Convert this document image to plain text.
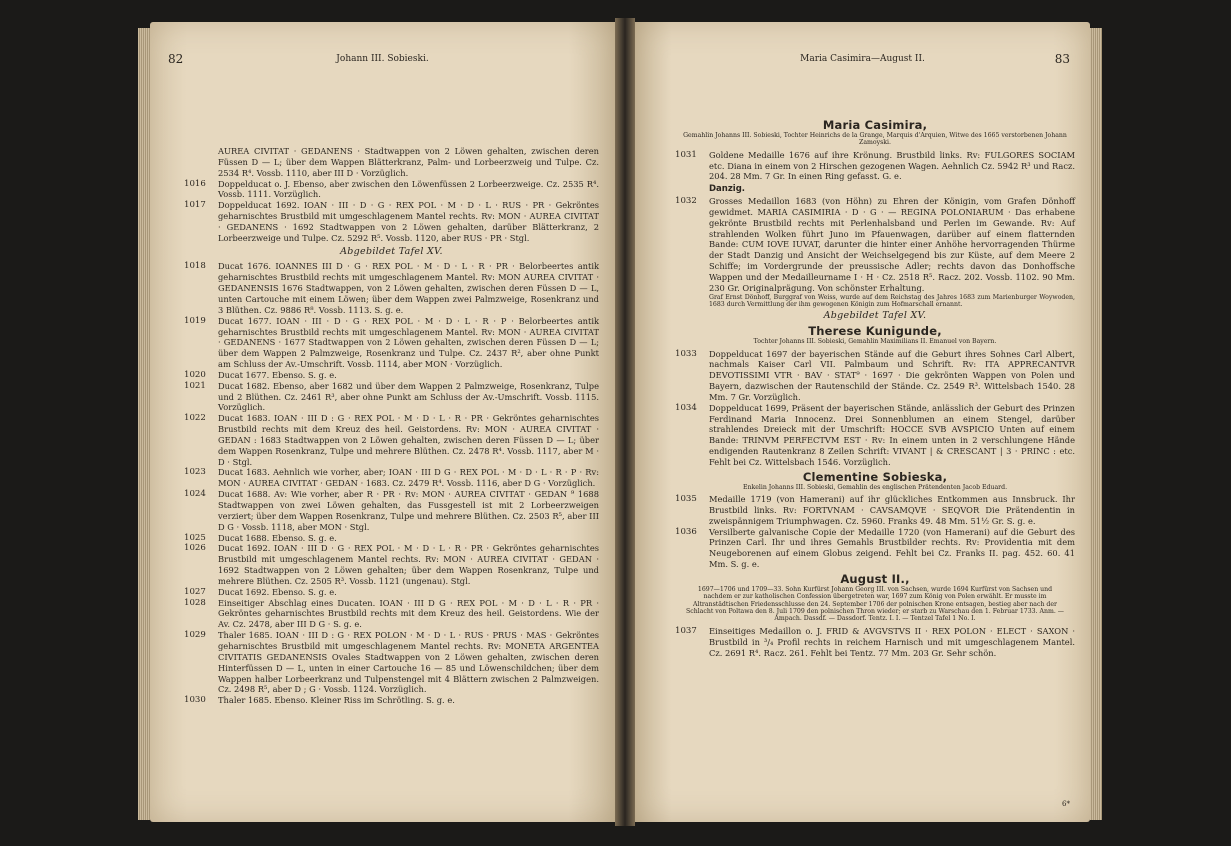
82	Johann III. Sobieski.

AUREA CIVITAT · GEDANENS · Stadtwappen von 2 Löwen gehalten, zwischen deren Füssen D — L; über dem Wappen Blätterkranz, Palm- und Lorbeerzweig und Tulpe. Cz. 2534 R⁴. Vossb. 1110, aber III D · Vorzüglich.

1016 Doppelducat o. J. Ebenso, aber zwischen den Löwenfüssen 2 Lorbeerzweige. Cz. 2535 R⁴. Vossb. 1111. Vorzüglich.

1017 Doppelducat 1692. IOAN · III · D · G · REX POL · M · D · L · RUS · PR · Gekröntes geharnischtes Brustbild mit umgeschlagenem Mantel rechts. Rv: MON · AUREA CIVITAT · GEDANENS · 1692 Stadtwappen von 2 Löwen gehalten, darüber Blätterkranz, 2 Lorbeerzweige und Tulpe. Cz. 5292 R⁵. Vossb. 1120, aber RUS · PR · Stgl.

Abgebildet Tafel XV.

1018 Ducat 1676. IOANNES III D · G · REX POL · M · D · L · R · PR · Belorbeertes antik geharnischtes Brustbild rechts mit umgeschlagenem Mantel. Rv: MON AUREA CIVITAT · GEDANENSIS 1676 Stadtwappen, von 2 Löwen gehalten, zwischen deren Füssen D — L, unten Cartouche mit einem Löwen; über dem Wappen zwei Palmzweige, Rosenkranz und 3 Blüthen. Cz. 9886 R⁸. Vossb. 1113. S. g. e.

1019 Ducat 1677. IOAN · III · D · G · REX POL · M · D · L · R · P · Belorbeertes antik geharnischtes Brustbild rechts mit umgeschlagenem Mantel. Rv: MON · AUREA CIVITAT · GEDANENS · 1677 Stadtwappen von 2 Löwen gehalten, zwischen deren Füssen D — L; über dem Wappen 2 Palmzweige, Rosenkranz und Tulpe. Cz. 2437 R², aber ohne Punkt am Schluss der Av.-Umschrift. Vossb. 1114, aber MON · Vorzüglich.

1020 Ducat 1677. Ebenso. S. g. e.

1021 Ducat 1682. Ebenso, aber 1682 und über dem Wappen 2 Palmzweige, Rosenkranz, Tulpe und 2 Blüthen. Cz. 2461 R³, aber ohne Punkt am Schluss der Av.-Umschrift. Vossb. 1115. Vorzüglich.

1022 Ducat 1683. IOAN · III D : G · REX POL · M · D · L · R · PR · Gekröntes geharnischtes Brustbild rechts mit dem Kreuz des heil. Geistordens. Rv: MON · AUREA CIVITAT · GEDAN : 1683 Stadtwappen von 2 Löwen gehalten, zwischen deren Füssen D — L; über dem Wappen Rosenkranz, Tulpe und mehrere Blüthen. Cz. 2478 R⁴. Vossb. 1117, aber M · D · Stgl.

1023 Ducat 1683. Aehnlich wie vorher, aber; IOAN · III D G · REX POL · M · D · L · R · P · Rv: MON · AUREA CIVITAT · GEDAN · 1683. Cz. 2479 R⁴. Vossb. 1116, aber D G · Vorzüglich.

1024 Ducat 1688. Av: Wie vorher, aber R · PR · Rv: MON · AUREA CIVITAT · GEDAN ⁹ 1688 Stadtwappen von zwei Löwen gehalten, das Fussgestell ist mit 2 Lorbeerzweigen verziert; über dem Wappen Rosenkranz, Tulpe und mehrere Blüthen. Cz. 2503 R⁵, aber III D G · Vossb. 1118, aber MON · Stgl.

1025 Ducat 1688. Ebenso. S. g. e.

1026 Ducat 1692. IOAN · III D · G · REX POL · M · D · L · R · PR · Gekröntes geharnischtes Brustbild mit umgeschlagenem Mantel rechts. Rv: MON · AUREA CIVITAT · GEDAN · 1692 Stadtwappen von 2 Löwen gehalten; über dem Wappen Rosenkranz, Tulpe und mehrere Blüthen. Cz. 2505 R³. Vossb. 1121 (ungenau). Stgl.

1027 Ducat 1692. Ebenso. S. g. e.

1028 Einseitiger Abschlag eines Ducaten. IOAN · III D G · REX POL · M · D · L · R · PR · Gekröntes geharnischtes Brustbild rechts mit dem Kreuz des heil. Geistordens. Wie der Av. Cz. 2478, aber III D G · S. g. e.

1029 Thaler 1685. IOAN · III D : G · REX POLON · M · D · L · RUS · PRUS · MAS · Gekröntes geharnischtes Brustbild mit umgeschlagenem Mantel rechts. Rv: MONETA ARGENTEA CIVITATIS GEDANENSIS Ovales Stadtwappen von 2 Löwen gehalten, zwischen deren Hinterfüssen D — L, unten in einer Cartouche 16 — 85 und Löwenschildchen; über dem Wappen halber Lorbeerkranz und Tulpenstengel mit 4 Blättern zwischen 2 Palmzweigen. Cz. 2498 R⁵, aber D ; G · Vossb. 1124. Vorzüglich.

1030 Thaler 1685. Ebenso. Kleiner Riss im Schrötling. S. g. e.

Maria Casimira—August II.	83
Maria Casimira,
Gemahlin Johanns III. Sobieski, Tochter Heinrichs de la Grange, Marquis d'Arquien, Witwe des 1665 verstorbenen Johann Zamoyski.

1031 Goldene Medaille 1676 auf ihre Krönung. Brustbild links. Rv: FULGORES SOCIAM etc. Diana in einem von 2 Hirschen gezogenen Wagen. Aehnlich Cz. 5942 R³ und Racz. 204. 28 Mm. 7 Gr. In einen Ring gefasst. G. e.

Danzig.

1032 Grosses Medaillon 1683 (von Höhn) zu Ehren der Königin, vom Grafen Dönhoff gewidmet. MARIA CASIMIRIA · D · G · — REGINA POLONIARUM · Das erhabene gekrönte Brustbild rechts mit Perlenhalsband und Perlen im Gewande. Rv: Auf strahlenden Wolken führt Juno im Pfauenwagen, darüber auf einem flatternden Bande: CUM IOVE IUVAT, darunter die hinter einer Anhöhe hervorragenden Thürme der Stadt Danzig und Ansicht der Weichselgegend bis zur Küste, auf dem Meere 2 Schiffe; im Vordergrunde der preussische Adler; rechts davon das Donhoffsche Wappen und der Medailleurname I · H · Cz. 2518 R⁵. Racz. 202. Vossb. 1102. 90 Mm. 230 Gr. Originalprägung. Von schönster Erhaltung.

Graf Ernst Dönhoff, Burggraf von Weiss, wurde auf dem Reichstag des Jahres 1683 zum Marienburger Woywoden, 1683 durch Vermittlung der ihm gewogenen Königin zum Hofmarschall ernannt.

Abgebildet Tafel XV.
Therese Kunigunde,
Tochter Johanns III. Sobieski, Gemahlin Maximilians II. Emanuel von Bayern.

1033 Doppelducat 1697 der bayerischen Stände auf die Geburt ihres Sohnes Carl Albert, nachmals Kaiser Carl VII. Palmbaum und Schrift. Rv: ITA APPRECANTVR DEVOTISSIMI VTR · BAV · STAT⁹ · 1697 · Die gekrönten Wappen von Polen und Bayern, dazwischen der Rautenschild der Stände. Cz. 2549 R³. Wittelsbach 1540. 28 Mm. 7 Gr. Vorzüglich.

1034 Doppelducat 1699, Präsent der bayerischen Stände, anlässlich der Geburt des Prinzen Ferdinand Maria Innocenz. Drei Sonnenblumen an einem Stengel, darüber strahlendes Dreieck mit der Umschrift: HOCCE SVB AVSPICIO Unten auf einem Bande: TRINVM PERFECTVM EST · Rv: In einem unten in 2 verschlungene Hände endigenden Rautenkranz 8 Zeilen Schrift: VIVANT | & CRESCANT | 3 · PRINC : etc. Fehlt bei Cz. Wittelsbach 1546. Vorzüglich.

Clementine Sobieska,
Enkelin Johanns III. Sobieski, Gemahlin des englischen Prätendenten Jacob Eduard.

1035 Medaille 1719 (von Hamerani) auf ihr glückliches Entkommen aus Innsbruck. Ihr Brustbild links. Rv: FORTVNAM · CAVSAMQVE · SEQVOR Die Prätendentin in zweispännigem Triumphwagen. Cz. 5960. Franks 49. 48 Mm. 51½ Gr. S. g. e.

1036 Versilberte galvanische Copie der Medaille 1720 (von Hamerani) auf die Geburt des Prinzen Carl. Ihr und ihres Gemahls Brustbilder rechts. Rv: Providentia mit dem Neugeborenen auf einem Globus zeigend. Fehlt bei Cz. Franks II. pag. 452. 60. 41 Mm. S. g. e.

August II.,
1697—1706 und 1709—33. Sohn Kurfürst Johann Georg III. von Sachsen, wurde 1694 Kurfürst von Sachsen und nachdem er zur katholischen Confession übergetreten war, 1697 zum König von Polen erwählt. Er musste im Altranstädtischen Friedensschlusse den 24. September 1706 der polnischen Krone entsagen, bestieg aber nach der Schlacht von Poltawa den 8. Juli 1709 den polnischen Thron wieder; er starb zu Warschau den 1. Februar 1733. Anm. — Ampach. Dassdf. — Dassdorf. Tentz. I. I. — Tentzel Tafel 1 No. I.

1037 Einseitiges Medaillon o. J. FRID & AVGVSTVS II · REX POLON · ELECT · SAXON · Brustbild in ³/₄ Profil rechts in reichem Harnisch und mit umgeschlagenem Mantel. Cz. 2691 R⁴. Racz. 261. Fehlt bei Tentz. 77 Mm. 203 Gr. Sehr schön.

6*
